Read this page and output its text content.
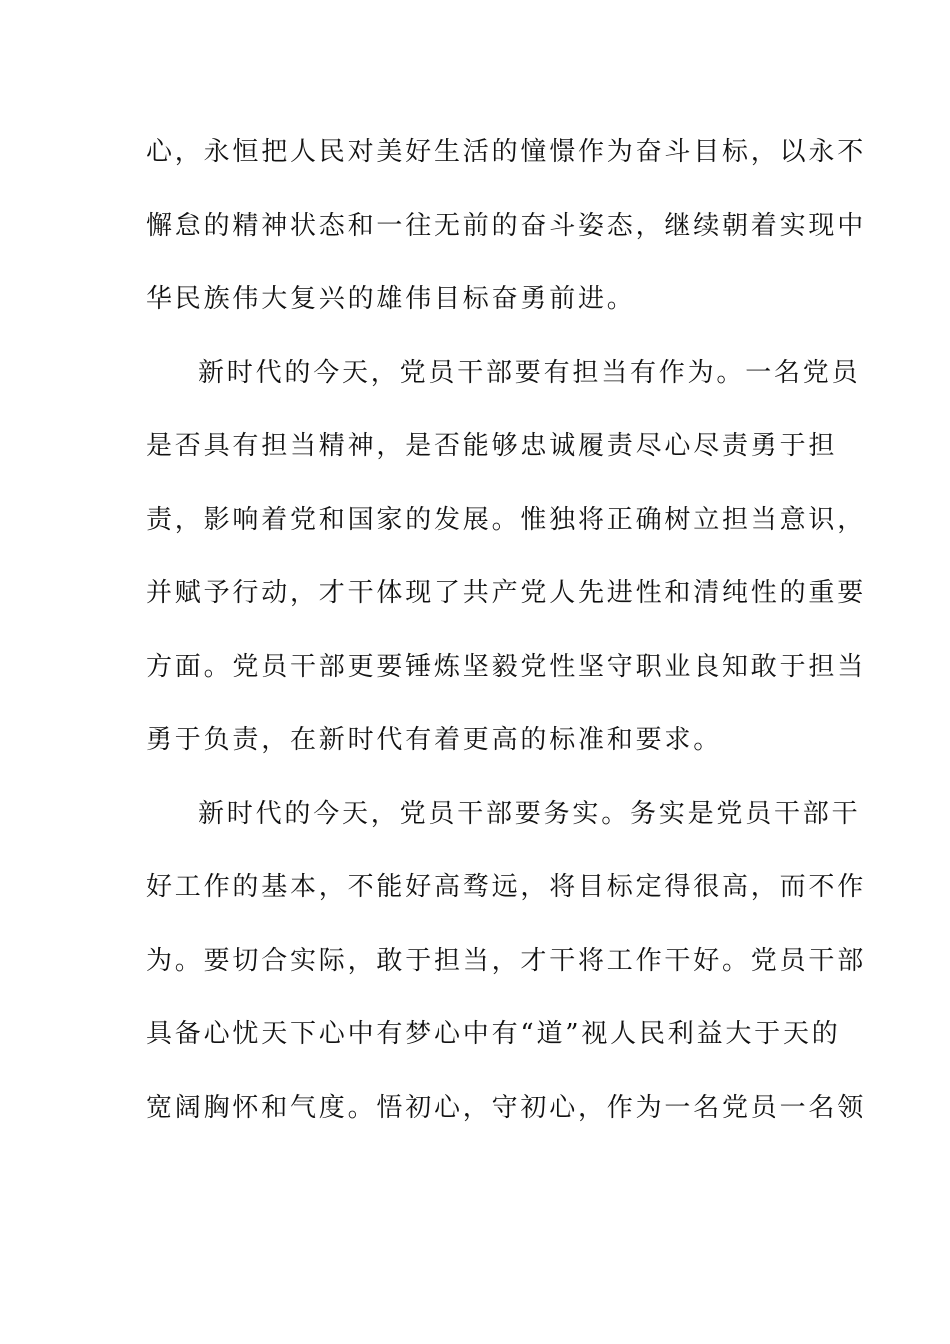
心，永恒把人民对美好生活的憧憬作为奋斗目标，以永不
懈怠的精神状态和一往无前的奋斗姿态，继续朝着实现中
华民族伟大复兴的雄伟目标奋勇前进。
新时代的今天，党员干部要有担当有作为。一名党员
是否具有担当精神，是否能够忠诚履责尽心尽责勇于担
责，影响着党和国家的发展。惟独将正确树立担当意识，
并赋予行动，才干体现了共产党人先进性和清纯性的重要
方面。党员干部更要锤炼坚毅党性坚守职业良知敢于担当
勇于负责，在新时代有着更高的标准和要求。
新时代的今天，党员干部要务实。务实是党员干部干
好工作的基本，不能好高骛远，将目标定得很高，而不作
为。要切合实际，敢于担当，才干将工作干好。党员干部
具备心忧天下心中有梦心中有“道”视人民利益大于天的
宽阔胸怀和气度。悟初心，守初心，作为一名党员一名领
